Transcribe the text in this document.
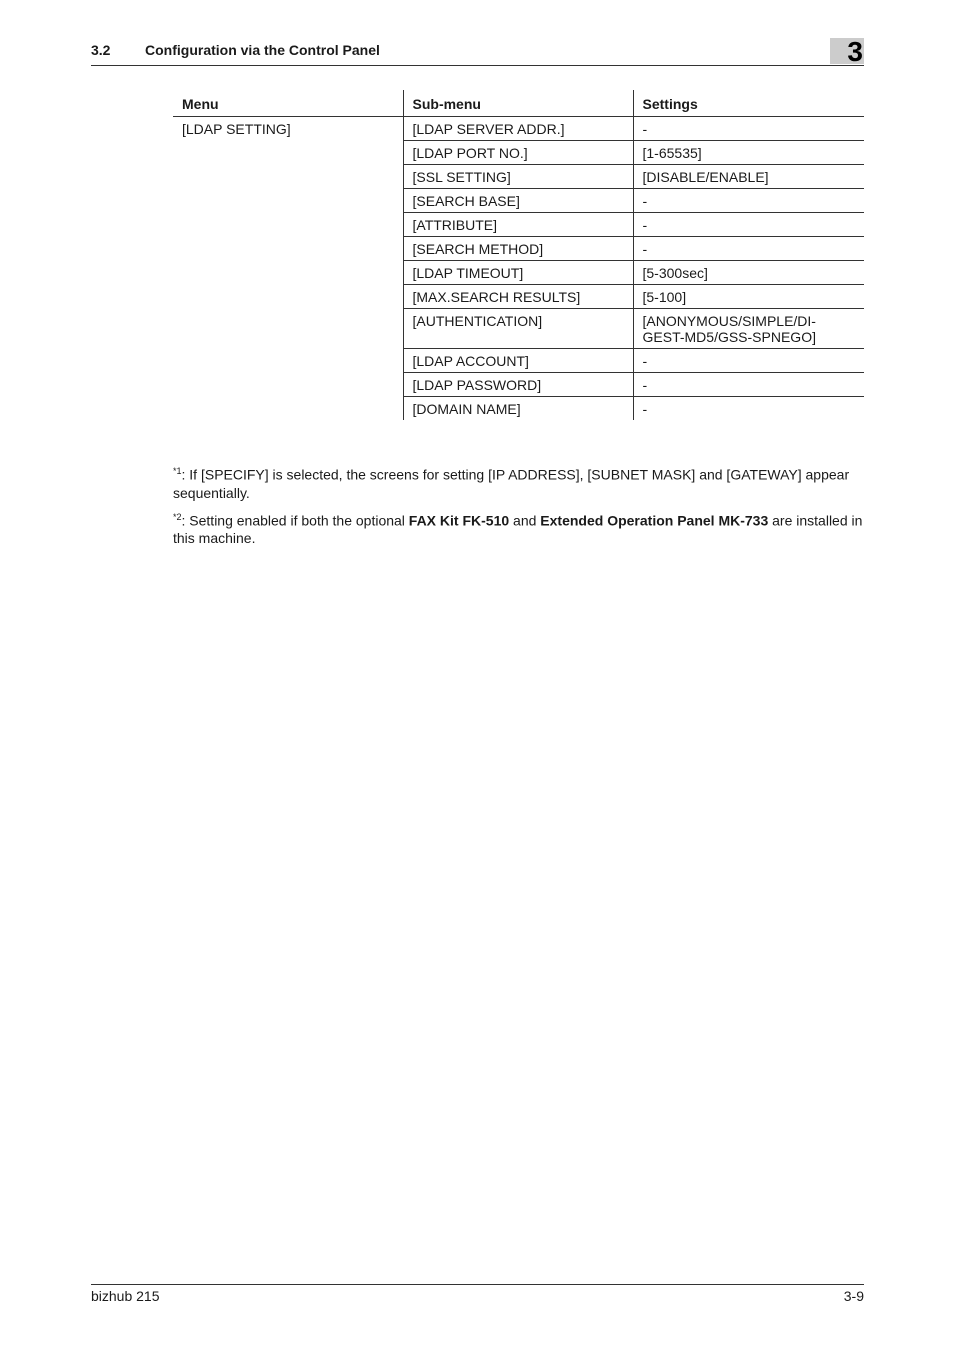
3.2 Configuration via the Control Panel	3
Menu	Sub-menu	Settings
[LDAP SETTING]	[LDAP SERVER ADDR.]	-
	[LDAP PORT NO.]	[1-65535]
	[SSL SETTING]	[DISABLE/ENABLE]
	[SEARCH BASE]	-
	[ATTRIBUTE]	-
	[SEARCH METHOD]	-
	[LDAP TIMEOUT]	[5-300sec]
	[MAX.SEARCH RESULTS]	[5-100]
	[AUTHENTICATION]	[ANONYMOUS/SIMPLE/DI-GEST-MD5/GSS-SPNEGO]
	[LDAP ACCOUNT]	-
	[LDAP PASSWORD]	-
	[DOMAIN NAME]	-

$^{*1}$: If [SPECIFY] is selected, the screens for setting [IP ADDRESS], [SUBNET MASK] and [GATEWAY] appear sequentially.

$^{*2}$: Setting enabled if both the optional FAX Kit FK-510 and Extended Operation Panel MK-733 are installed in this machine.

bizhub 215	3-9
